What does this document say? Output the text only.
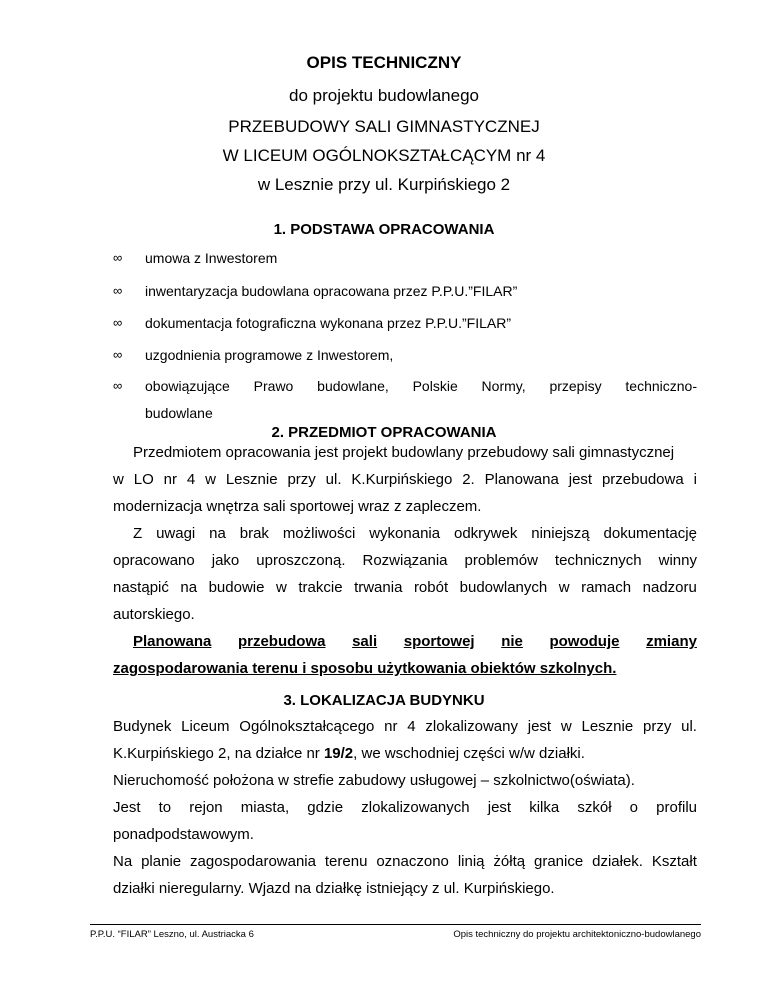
OPIS TECHNICZNY
do projektu budowlanego
PRZEBUDOWY SALI GIMNASTYCZNEJ
W LICEUM OGÓLNOKSZTAŁCĄCYM nr 4
w Lesznie przy ul. Kurpińskiego 2
1. PODSTAWA OPRACOWANIA
∞ umowa z Inwestorem
∞ inwentaryzacja budowlana opracowana przez P.P.U.”FILAR”
∞ dokumentacja fotograficzna wykonana przez P.P.U.”FILAR”
∞ uzgodnienia programowe z Inwestorem,
∞ obowiązujące Prawo budowlane, Polskie Normy, przepisy techniczno-
budowlane
2. PRZEDMIOT OPRACOWANIA
Przedmiotem opracowania jest projekt budowlany przebudowy sali gimnastycznej
w LO nr 4 w Lesznie przy ul. K.Kurpińskiego 2. Planowana jest przebudowa i
modernizacja wnętrza sali sportowej wraz z zapleczem.
Z uwagi na brak możliwości wykonania odkrywek niniejszą dokumentację
opracowano jako uproszczoną. Rozwiązania problemów technicznych winny
nastąpić na budowie w trakcie trwania robót budowlanych w ramach nadzoru
autorskiego.
Planowana przebudowa sali sportowej nie powoduje zmiany
zagospodarowania terenu i sposobu użytkowania obiektów szkolnych.
3. LOKALIZACJA BUDYNKU
Budynek Liceum Ogólnokształcącego nr 4 zlokalizowany jest w Lesznie przy ul.
K.Kurpińskiego 2, na działce nr 19/2, we wschodniej części w/w działki.
Nieruchomość położona w strefie zabudowy usługowej – szkolnictwo(oświata).
Jest to rejon miasta, gdzie zlokalizowanych jest kilka szkół o profilu
ponadpodstawowym.
Na planie zagospodarowania terenu oznaczono linią żółtą granice działek. Kształt
działki nieregularny. Wjazd na działkę istniejący z ul. Kurpińskiego.
P.P.U. “FILAR” Leszno, ul. Austriacka 6	Opis techniczny do projektu architektoniczno-budowlanego
